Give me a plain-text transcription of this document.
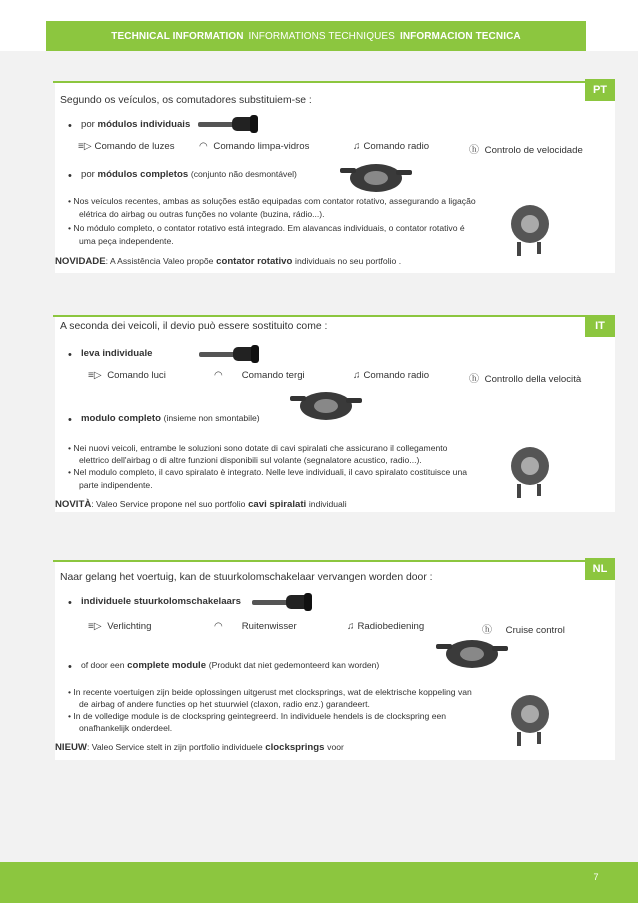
TECHNICAL INFORMATION INFORMATIONS TECHNIQUES INFORMACION TECNICA
PT
Segundo os veículos, os comutadores substituiem-se :
• por módulos individuais
≡▷ Comando de luzes ◠ Comando limpa-vidros	♫ Comando radio	ⓗ Controlo de velocidade
• por módulos completos (conjunto não desmontável)
• Nos veículos recentes, ambas as soluções estão equipadas com contator rotativo, assegurando a ligação
elétrica do airbag ou outras funções no volante (buzina, rádio...).
• No módulo completo, o contator rotativo está integrado. Em alavancas individuais, o contator rotativo é
uma peça independente.
NOVIDADE: A Assistência Valeo propõe contator rotativo individuais no seu portfolio .
IT
A seconda dei veicoli, il devio può essere sostituito come :
• leva individuale
≡▷ Comando luci	◠ Comando tergi	♫ Comando radio	ⓗ Controllo della velocità
• modulo completo (insieme non smontabile)
• Nei nuovi veicoli, entrambe le soluzioni sono dotate di cavi spiralati che assicurano il collegamento
elettrico dell'airbag o di altre funzioni disponibili sul volante (segnalatore acustico, radio...).
• Nel modulo completo, il cavo spiralato è integrato. Nelle leve individuali, il cavo spiralato costituisce una
parte indipendente.
NOVITÀ: Valeo Service propone nel suo portfolio cavi spiralati individuali
NL
Naar gelang het voertuig, kan de stuurkolomschakelaar vervangen worden door :
• individuele stuurkolomschakelaars
≡▷ Verlichting	◠ Ruitenwisser	♫ Radiobediening	ⓗ Cruise control
• of door een complete module (Produkt dat niet gedemonteerd kan worden)
• In recente voertuigen zijn beide oplossingen uitgerust met clocksprings, wat de elektrische koppeling van
de airbag of andere functies op het stuurwiel (claxon, radio enz.) garandeert.
• In de volledige module is de clockspring geintegreerd. In individuele hendels is de clockspring een
onafhankelijk onderdeel.
NIEUW: Valeo Service stelt in zijn portfolio individuele clocksprings voor
7
